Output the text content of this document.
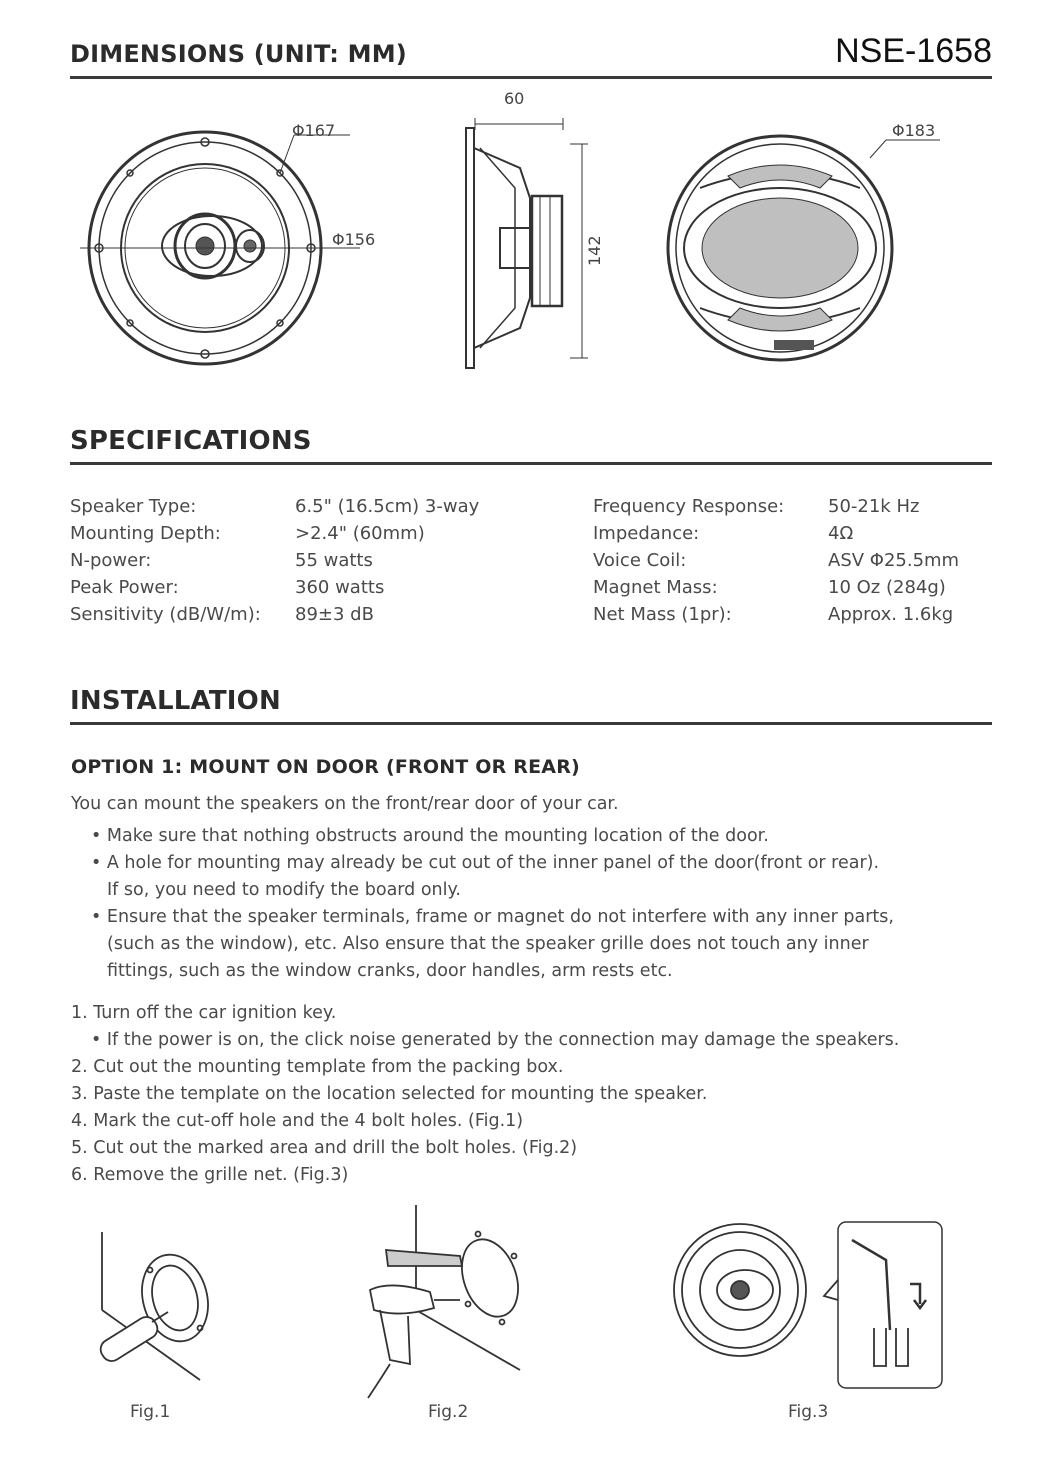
DIMENSIONS (UNIT: MM)	NSE-1658
Φ167
Φ156
60
142
Φ183
SPECIFICATIONS
Speaker Type:	6.5" (16.5cm) 3-way
Mounting Depth:	>2.4" (60mm)
N-power:	55 watts
Peak Power:	360 watts
Sensitivity (dB/W/m): 89±3 dB
Frequency Response: 50-21k Hz
Impedance:	4Ω
Voice Coil:	ASV Φ25.5mm
Magnet Mass:	10 Oz (284g)
Net Mass (1pr):	Approx. 1.6kg
INSTALLATION
OPTION 1: MOUNT ON DOOR (FRONT OR REAR)
You can mount the speakers on the front/rear door of your car.
• Make sure that nothing obstructs around the mounting location of the door.
• A hole for mounting may already be cut out of the inner panel of the door(front or rear).
If so, you need to modify the board only.
• Ensure that the speaker terminals, frame or magnet do not interfere with any inner parts,
(such as the window), etc. Also ensure that the speaker grille does not touch any inner
fittings, such as the window cranks, door handles, arm rests etc.
1. Turn off the car ignition key.
• If the power is on, the click noise generated by the connection may damage the speakers.
2. Cut out the mounting template from the packing box.
3. Paste the template on the location selected for mounting the speaker.
4. Mark the cut-off hole and the 4 bolt holes. (Fig.1)
5. Cut out the marked area and drill the bolt holes. (Fig.2)
6. Remove the grille net. (Fig.3)
Fig.1	Fig.2	Fig.3
